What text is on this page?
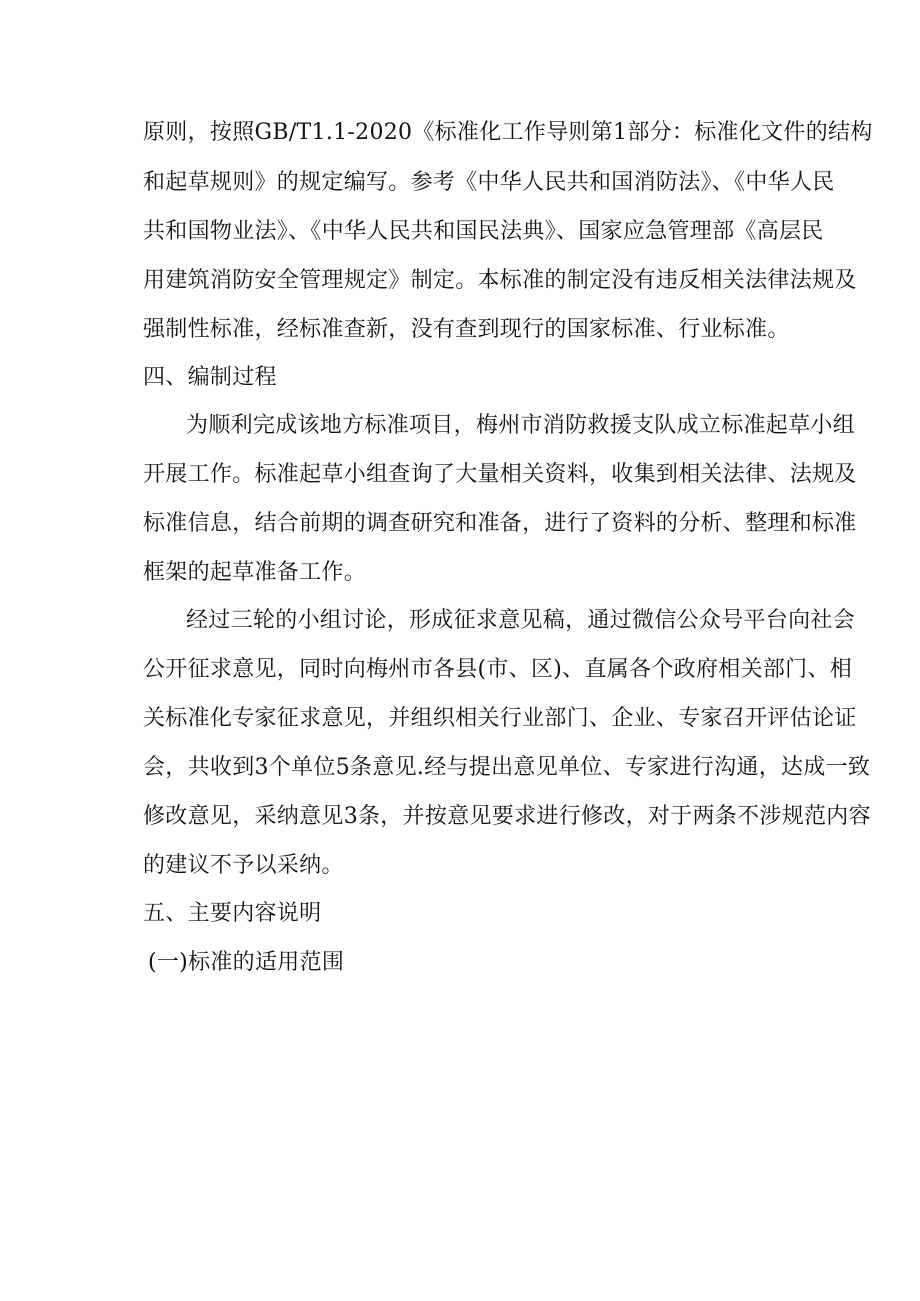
原则，按照GB/T1.1-2020《标准化工作导则第1部分：标准化文件的结构
和起草规则》的规定编写。参考《中华人民共和国消防法》、《中华人民
共和国物业法》、《中华人民共和国民法典》、国家应急管理部《高层民
用建筑消防安全管理规定》制定。本标准的制定没有违反相关法律法规及
强制性标准，经标准查新，没有查到现行的国家标准、行业标准。
四、编制过程
为顺利完成该地方标准项目，梅州市消防救援支队成立标准起草小组
开展工作。标准起草小组查询了大量相关资料，收集到相关法律、法规及
标准信息，结合前期的调查研究和准备，进行了资料的分析、整理和标准
框架的起草准备工作。
经过三轮的小组讨论，形成征求意见稿，通过微信公众号平台向社会
公开征求意见，同时向梅州市各县(市、区)、直属各个政府相关部门、相
关标准化专家征求意见，并组织相关行业部门、企业、专家召开评估论证
会，共收到3个单位5条意见.经与提出意见单位、专家进行沟通，达成一致
修改意见，采纳意见3条，并按意见要求进行修改，对于两条不涉规范内容
的建议不予以采纳。
五、主要内容说明
(一)标准的适用范围
